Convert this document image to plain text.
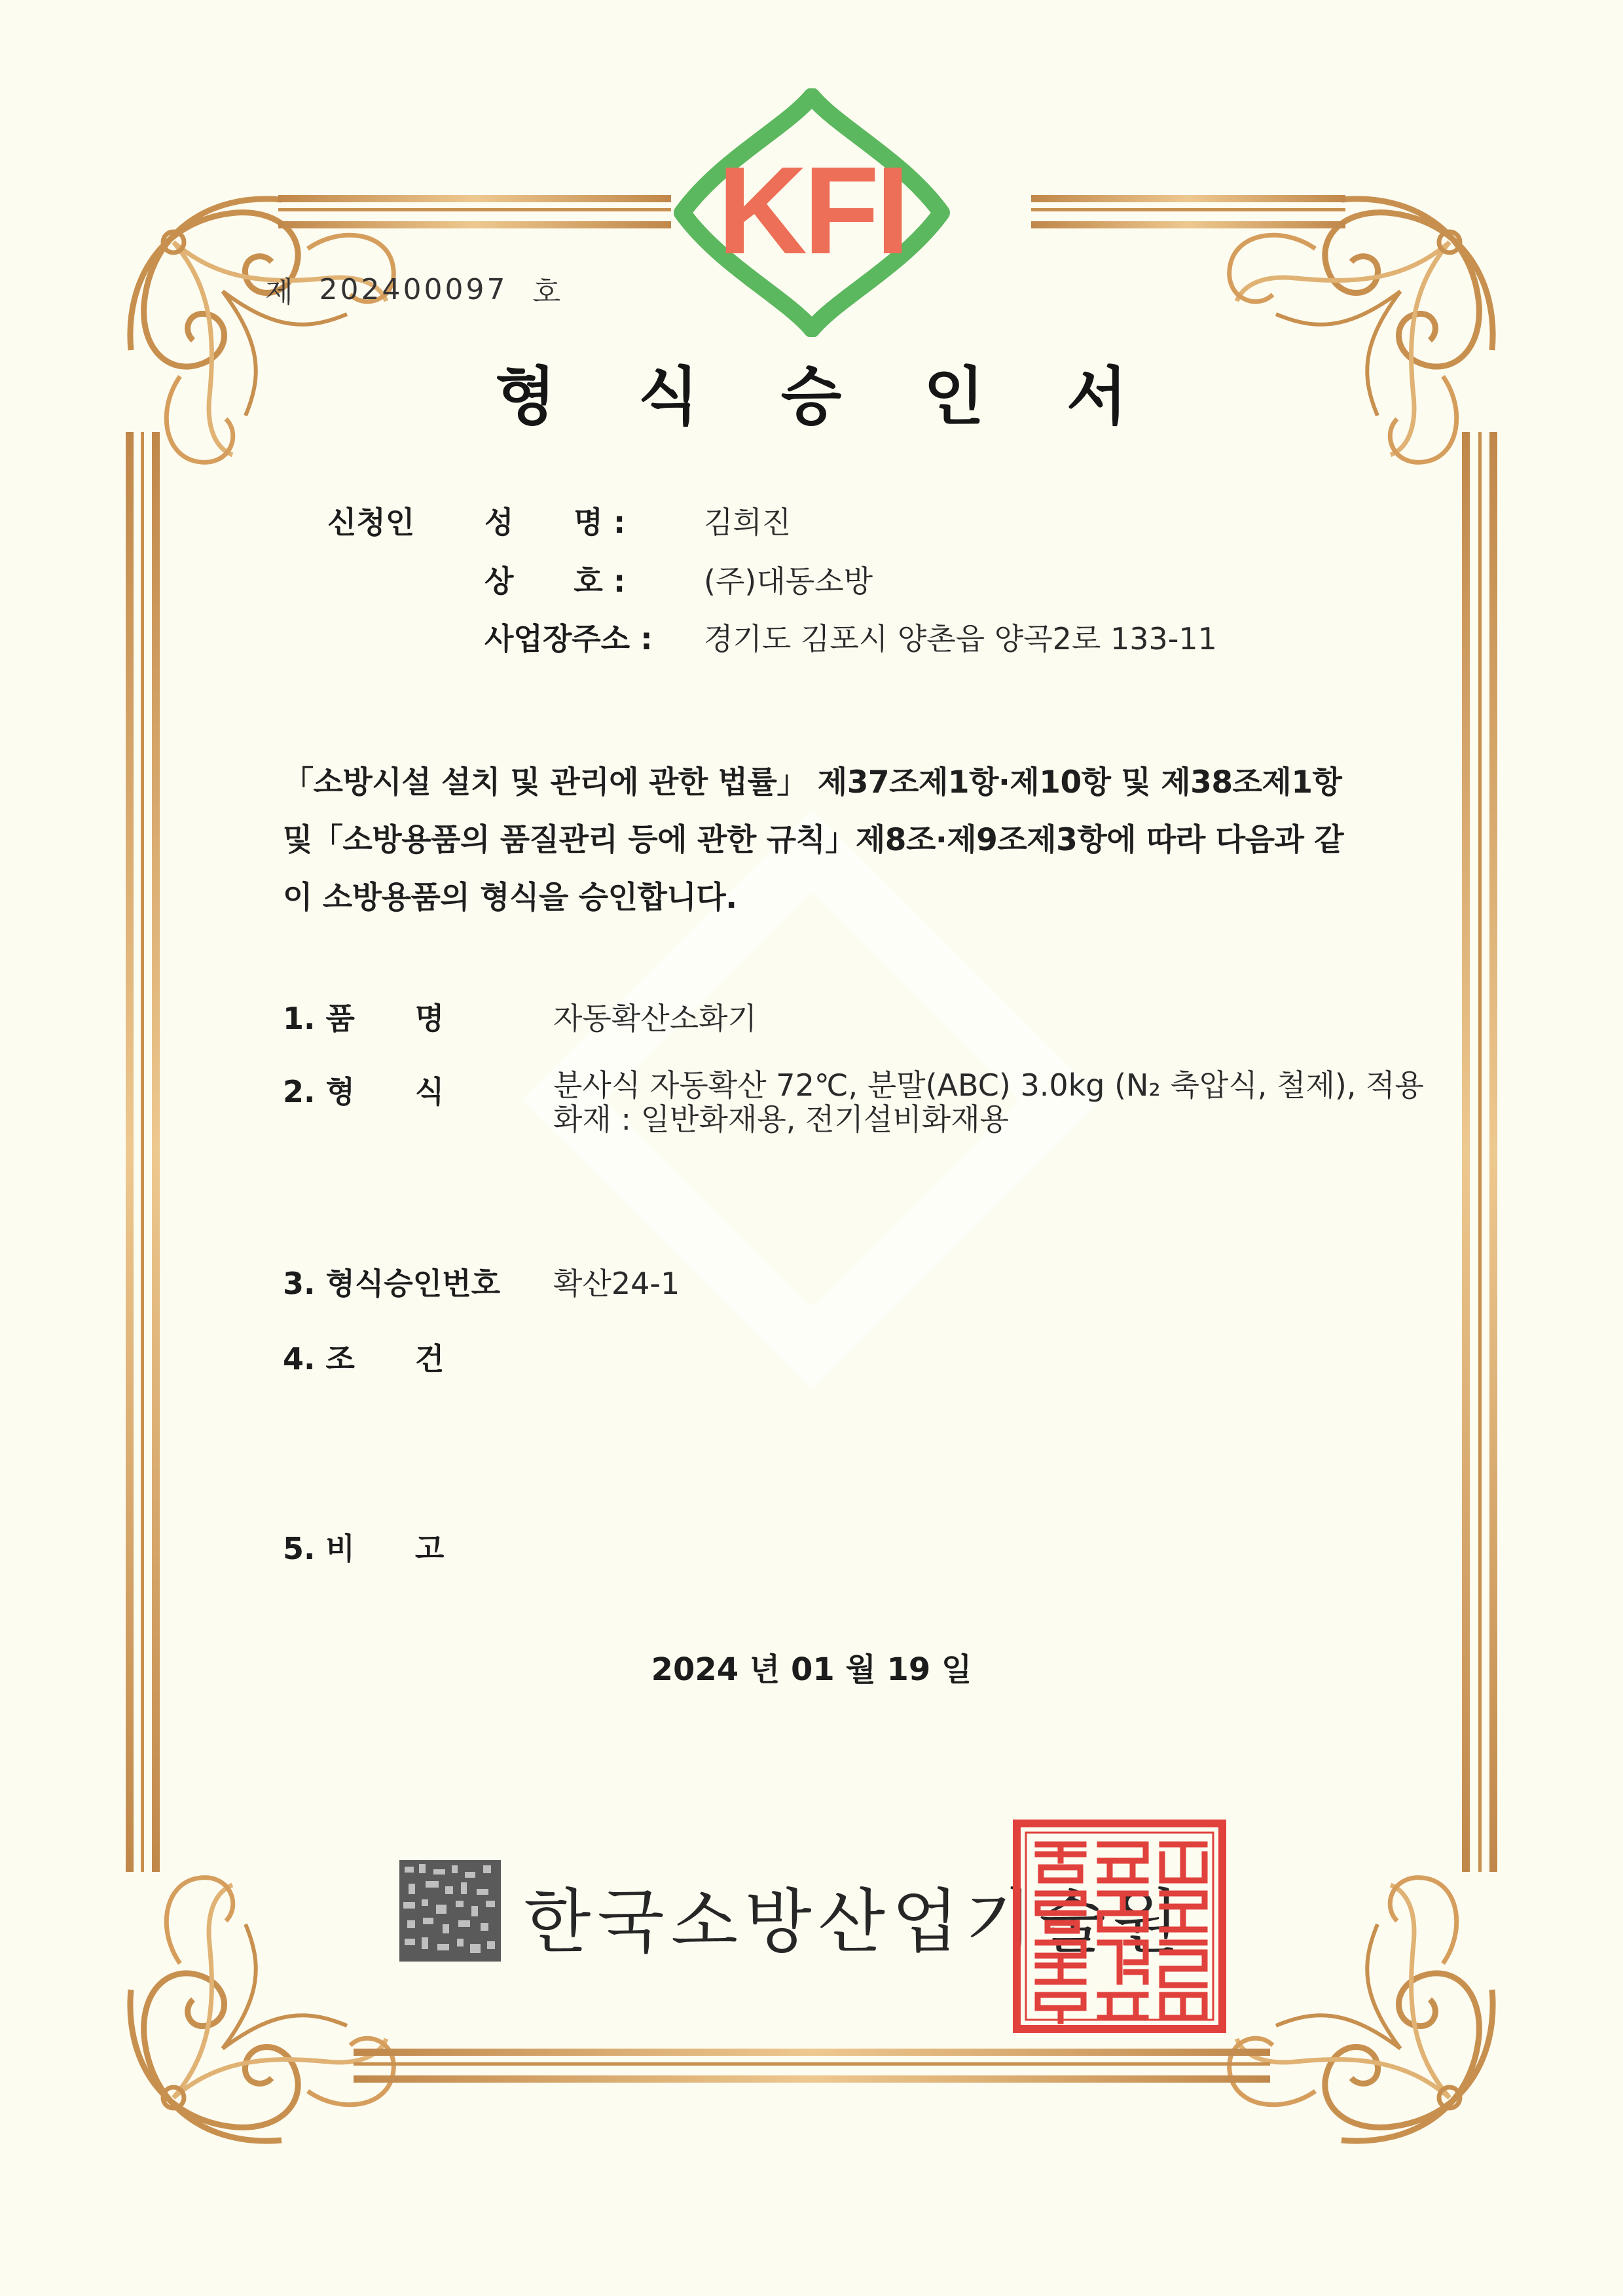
KFI
제 202400097 호
형 식 승 인 서
신청인 성　　명 :	김희진
상　　호 :	(주)대동소방
사업장주소 : 경기도 김포시 양촌읍 양곡2로 133-11
「소방시설 설치 및 관리에 관한 법률」 제37조제1항·제10항 및 제38조제1항 및「소방용품의 품질관리 등에 관한 규칙」제8조·제9조제3항에 따라 다음과 같이 소방용품의 형식을 승인합니다.
1. 품　　명	자동확산소화기
2. 형　　식	분사식 자동확산 72℃, 분말(ABC) 3.0kg (N₂ 축압식, 철제), 적용화재 : 일반화재용, 전기설비화재용
3. 형식승인번호 확산24-1
4. 조　　건
5. 비　　고
2024 년 01 월 19 일
한국소방산업기술원
